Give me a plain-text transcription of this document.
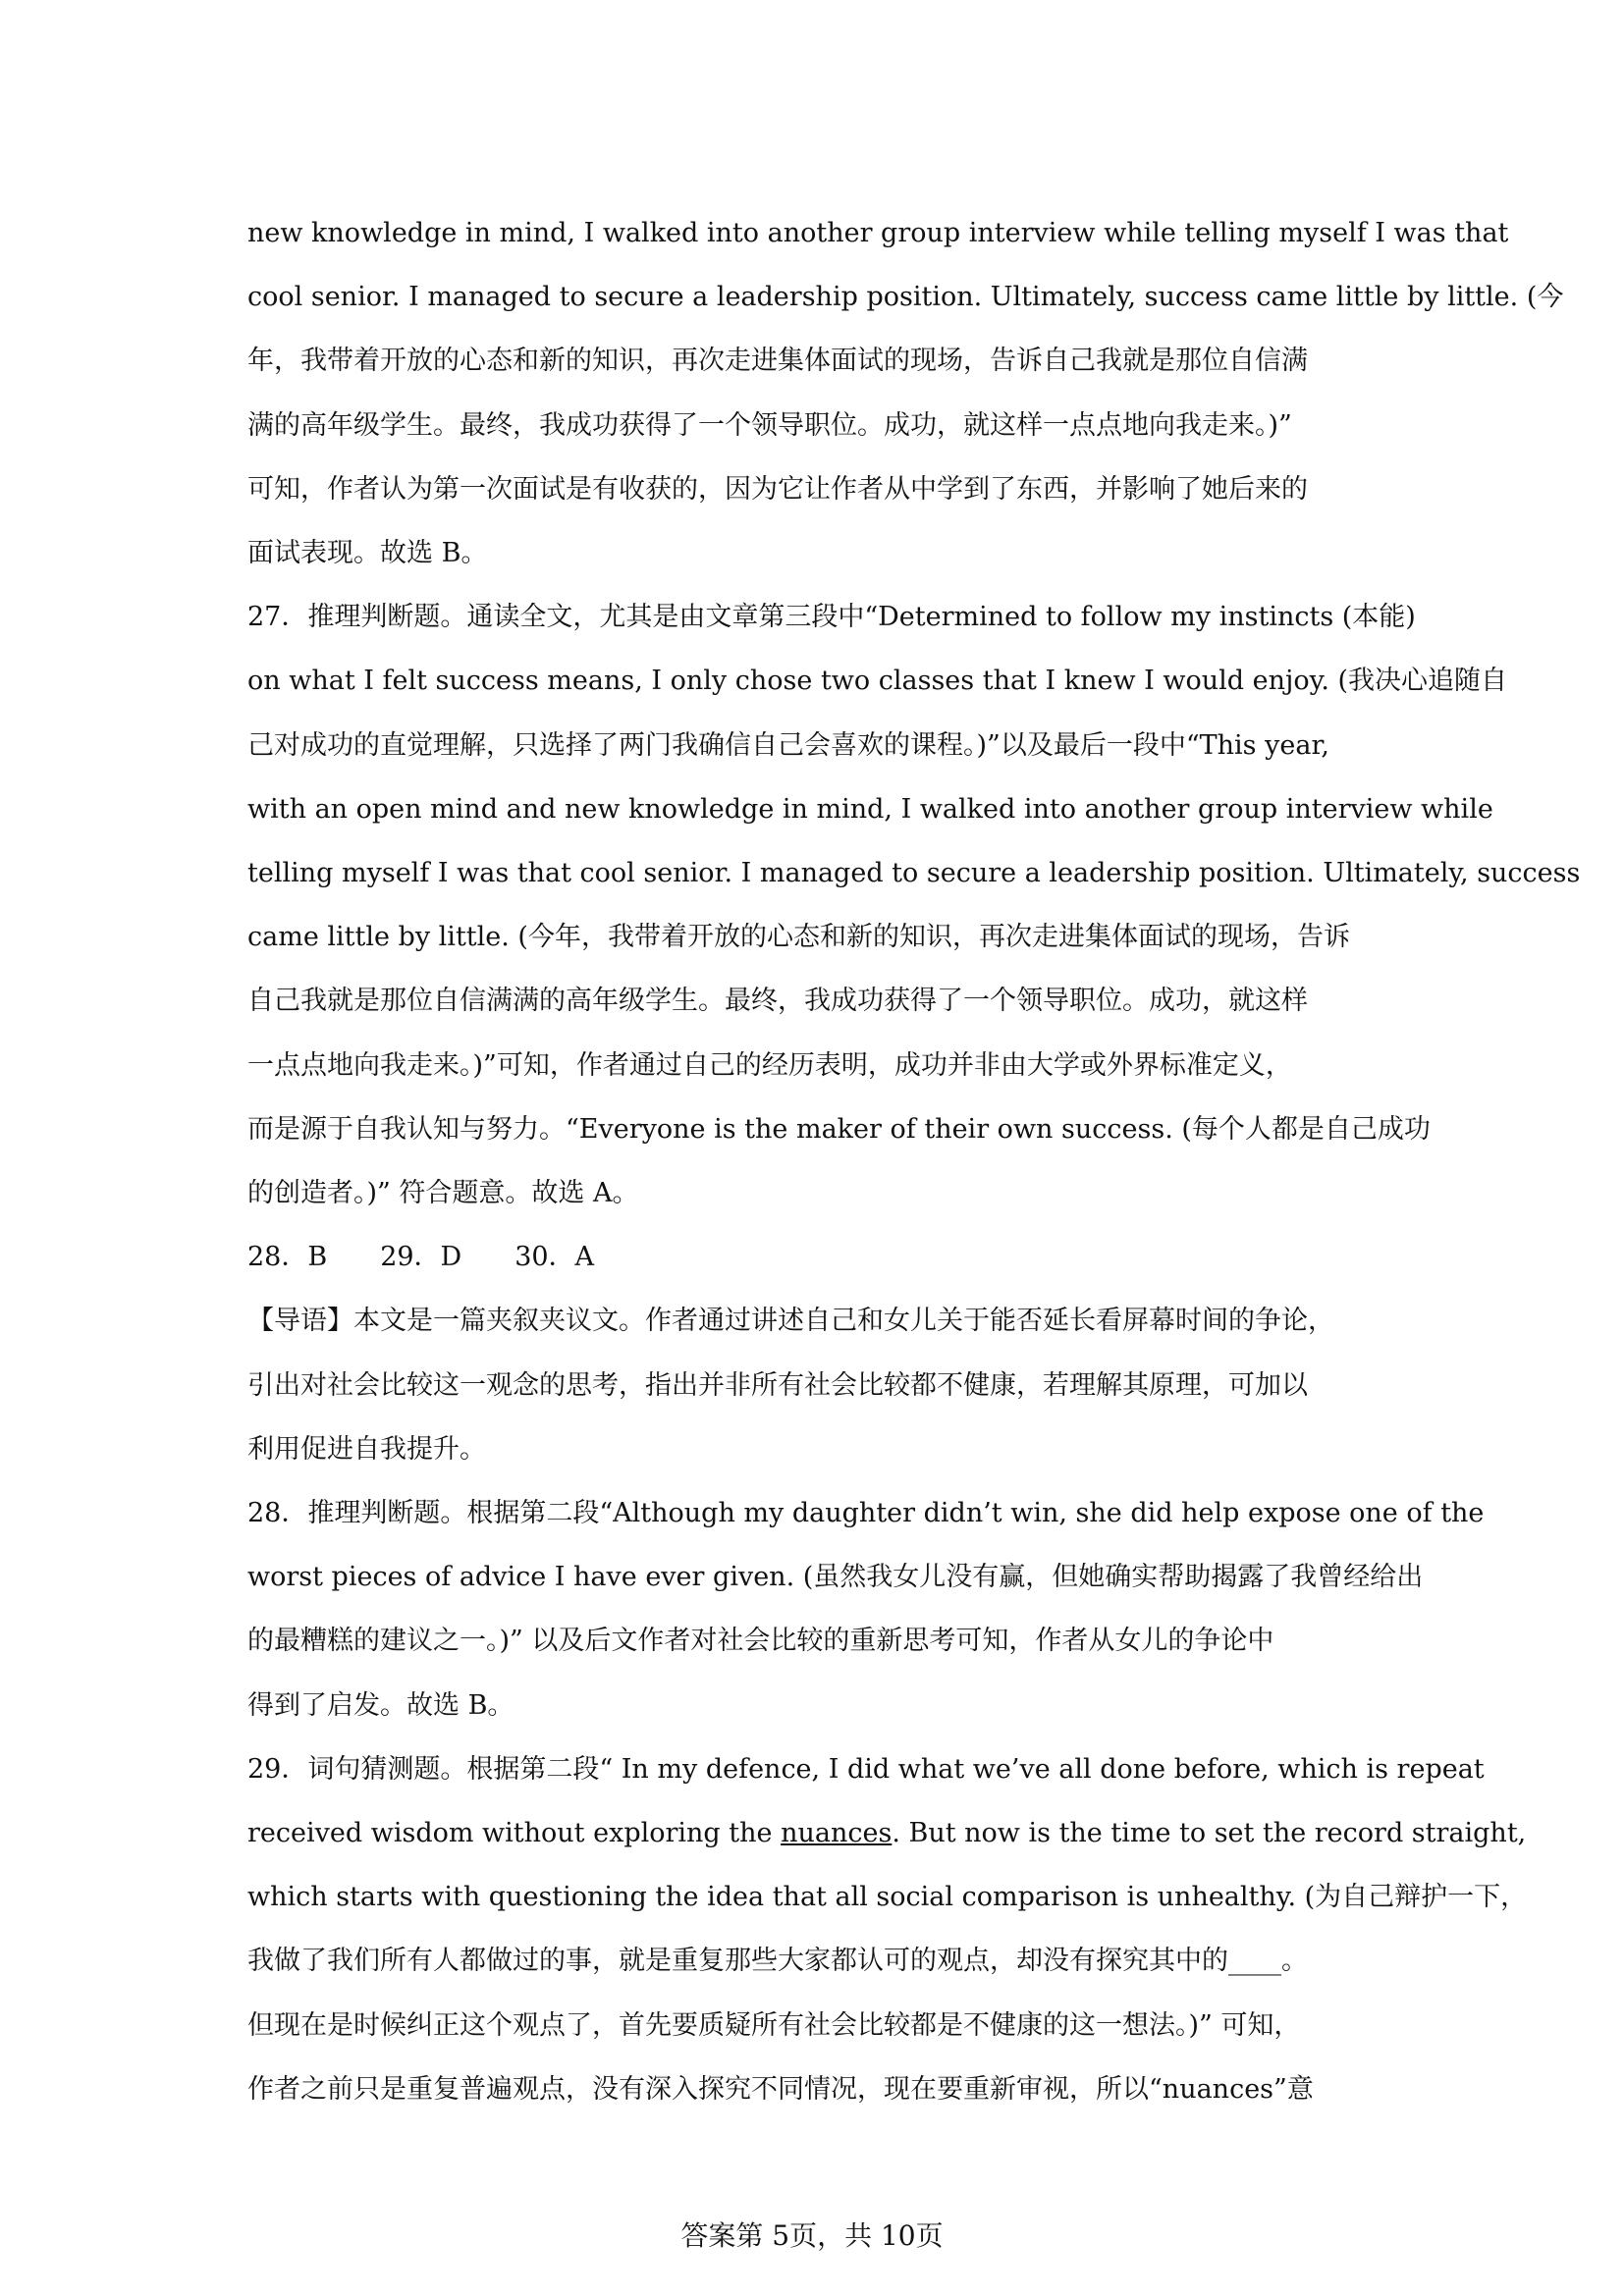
答案第 5页，共 10页
new knowledge in mind, I walked into another group interview while telling myself I was that
cool senior. I managed to secure a leadership position. Ultimately, success came little by little. (今
年，我带着开放的心态和新的知识，再次走进集体面试的现场，告诉自己我就是那位自信满
满的高年级学生。最终，我成功获得了一个领导职位。成功，就这样一点点地向我走来。)”
可知，作者认为第一次面试是有收获的，因为它让作者从中学到了东西，并影响了她后来的
面试表现。故选 B。
27．推理判断题。通读全文，尤其是由文章第三段中“Determined to follow my instincts (本能)
on what I felt success means, I only chose two classes that I knew I would enjoy. (我决心追随自
己对成功的直觉理解，只选择了两门我确信自己会喜欢的课程。)”以及最后一段中“This year,
with an open mind and new knowledge in mind, I walked into another group interview while
telling myself I was that cool senior. I managed to secure a leadership position. Ultimately, success
came little by little. (今年，我带着开放的心态和新的知识，再次走进集体面试的现场，告诉
自己我就是那位自信满满的高年级学生。最终，我成功获得了一个领导职位。成功，就这样
一点点地向我走来。)”可知，作者通过自己的经历表明，成功并非由大学或外界标准定义，
而是源于自我认知与努力。“Everyone is the maker of their own success. (每个人都是自己成功
的创造者。)” 符合题意。故选 A。
28．B　　29．D　　30．A
【导语】本文是一篇夹叙夹议文。作者通过讲述自己和女儿关于能否延长看屏幕时间的争论，
引出对社会比较这一观念的思考，指出并非所有社会比较都不健康，若理解其原理，可加以
利用促进自我提升。
28．推理判断题。根据第二段“Although my daughter didn’t win, she did help expose one of the
worst pieces of advice I have ever given. (虽然我女儿没有赢，但她确实帮助揭露了我曾经给出
的最糟糕的建议之一。)” 以及后文作者对社会比较的重新思考可知，作者从女儿的争论中
得到了启发。故选 B。
29．词句猜测题。根据第二段“ In my defence, I did what we’ve all done before, which is repeat
received wisdom without exploring the nuances. But now is the time to set the record straight,
which starts with questioning the idea that all social comparison is unhealthy. (为自己辩护一下，
我做了我们所有人都做过的事，就是重复那些大家都认可的观点，却没有探究其中的____。
但现在是时候纠正这个观点了，首先要质疑所有社会比较都是不健康的这一想法。)” 可知，
作者之前只是重复普遍观点，没有深入探究不同情况，现在要重新审视，所以“nuances”意
